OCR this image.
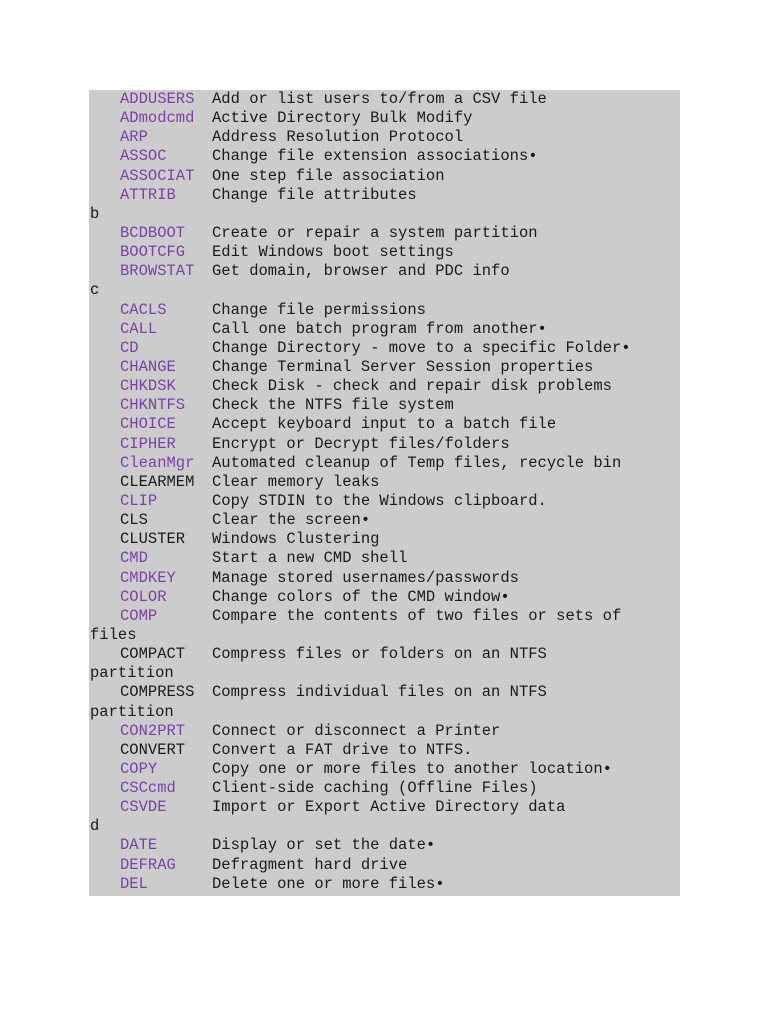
ADDUSERS Add or list users to/from a CSV file
ADmodcmd Active Directory Bulk Modify
ARP	Address Resolution Protocol
ASSOC	Change file extension associations•
ASSOCIAT One step file association
ATTRIB Change file attributes
b
BCDBOOT Create or repair a system partition
BOOTCFG Edit Windows boot settings
BROWSTAT Get domain, browser and PDC info
c
CACLS	Change file permissions
CALL	Call one batch program from another•
CD	Change Directory - move to a specific Folder•
CHANGE Change Terminal Server Session properties
CHKDSK Check Disk - check and repair disk problems
CHKNTFS Check the NTFS file system
CHOICE Accept keyboard input to a batch file
CIPHER Encrypt or Decrypt files/folders
CleanMgr Automated cleanup of Temp files, recycle bin
CLEARMEM Clear memory leaks
CLIP	Copy STDIN to the Windows clipboard.
CLS	Clear the screen•
CLUSTER Windows Clustering
CMD	Start a new CMD shell
CMDKEY Manage stored usernames/passwords
COLOR	Change colors of the CMD window•
COMP	Compare the contents of two files or sets of
files
COMPACT Compress files or folders on an NTFS
partition
COMPRESS Compress individual files on an NTFS
partition
CON2PRT Connect or disconnect a Printer
CONVERT Convert a FAT drive to NTFS.
COPY	Copy one or more files to another location•
CSCcmd Client-side caching (Offline Files)
CSVDE	Import or Export Active Directory data
d
DATE	Display or set the date•
DEFRAG Defragment hard drive
DEL	Delete one or more files•
